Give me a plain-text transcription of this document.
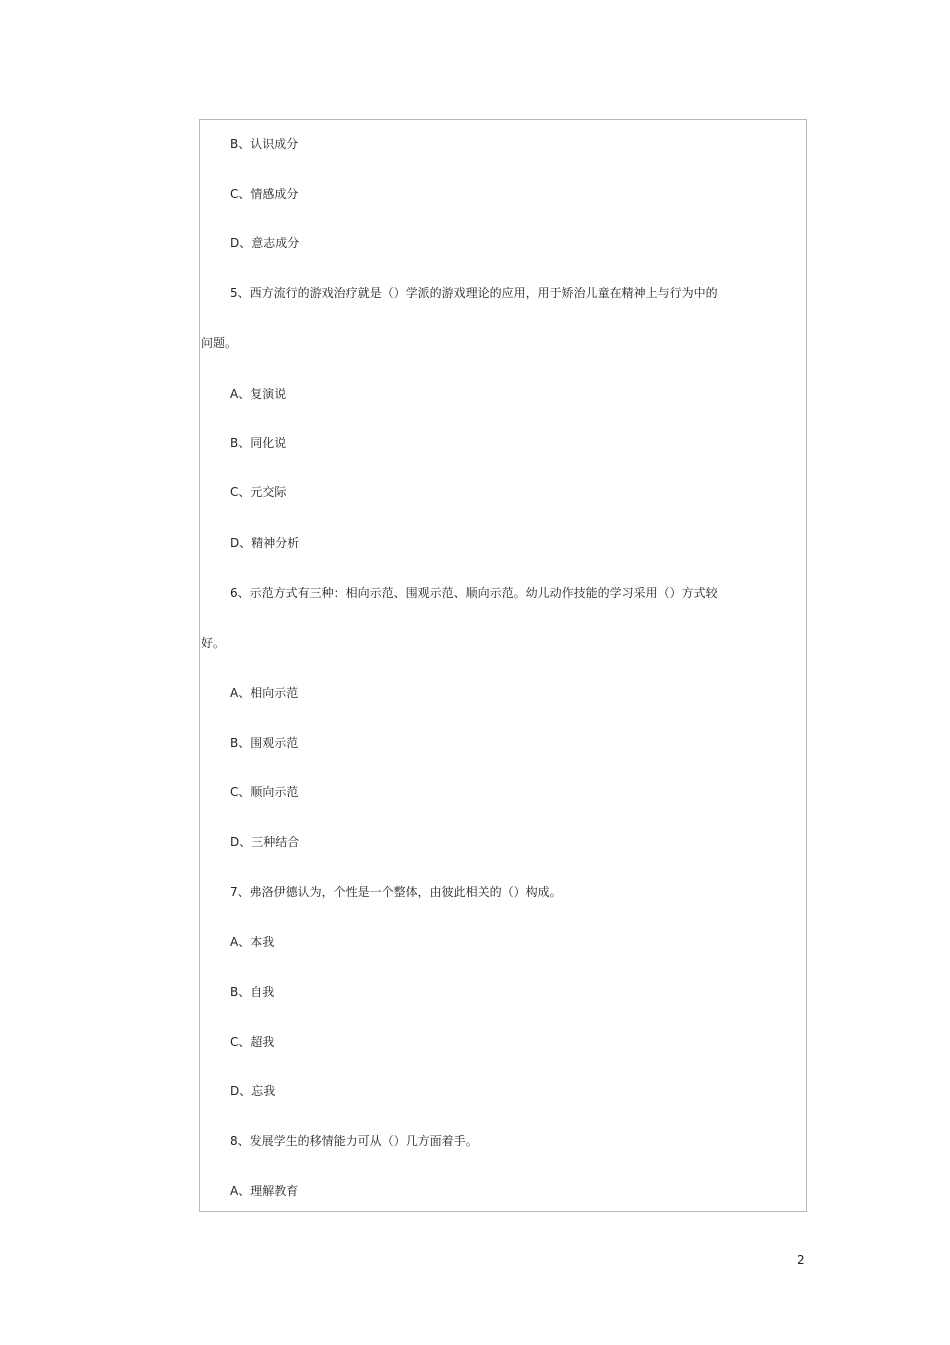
B、认识成分
C、情感成分
D、意志成分
5、西方流行的游戏治疗就是（）学派的游戏理论的应用，用于矫治儿童在精神上与行为中的
问题。
A、复演说
B、同化说
C、元交际
D、精神分析
6、示范方式有三种：相向示范、围观示范、顺向示范。幼儿动作技能的学习采用（）方式较
好。
A、相向示范
B、围观示范
C、顺向示范
D、三种结合
7、弗洛伊德认为，个性是一个整体，由彼此相关的（）构成。
A、本我
B、自我
C、超我
D、忘我
8、发展学生的移情能力可从（）几方面着手。
A、理解教育
2
